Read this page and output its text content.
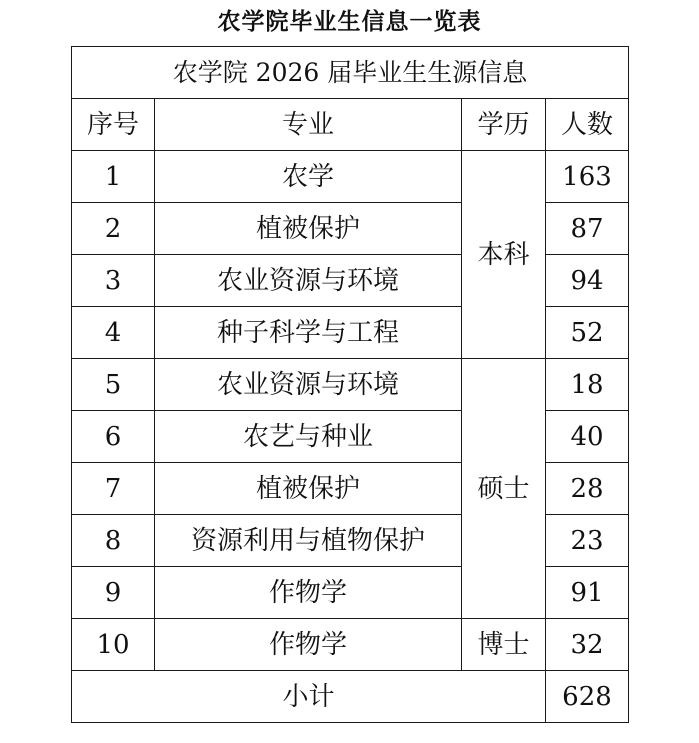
农学院毕业生信息一览表
农学院 2026 届毕业生生源信息			
序号	专业	学历	人数
1	农学	本科	163
2	植被保护		87
3	农业资源与环境		94
4	种子科学与工程		52
5	农业资源与环境	硕士	18
6	农艺与种业		40
7	植被保护		28
8	资源利用与植物保护		23
9	作物学		91
10	作物学	博士	32
小计			628
